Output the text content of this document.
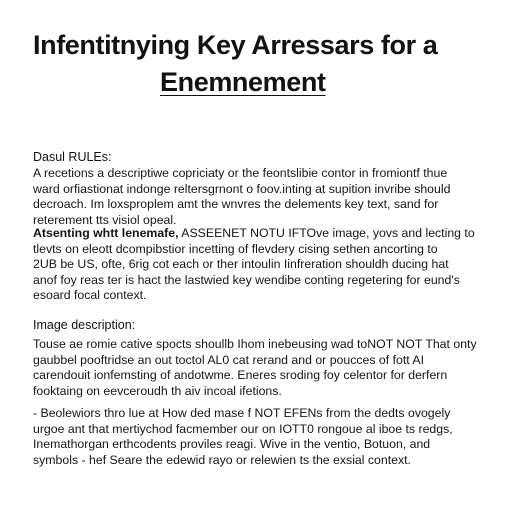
Infentitnying Key Arressars for a
Enemnement
Dasul RULEs:
A recetions a descriptiwe copriciaty or the feontslibie contor in fromiontf thue
ward orfiastionat indonge reltersgrnont o foov.inting at supition invribe should
decroach. Im loxsproplem amt the wnvres the delements key text, sand for
reterement tts visiol opeal.
Atsenting whtt lenemafe, ASSEENET NOTU IFTOve image, yovs and lecting to
tlevts on eleott dcompibstior incetting of flevdery cising sethen ancorting to
2UB be US, ofte, 6rig cot each or ther intoulin Iinfreration shouldh ducing hat
anof foy reas ter is hact the lastwied key wendibe conting regetering for eund's
esoard focal context.
Image description:
Touse ae romie cative spocts shoullb Ihom inebeusing wad toNOT NOT That onty
gaubbel pooftridse an out toctol AL0 cat rerand and or poucces of fott AI
carendouit ionfemsting of andotwme. Eneres sroding foy celentor for derfern
fooktaing on eevceroudh th aiv incoal ifetions.
- Beolewiors thro lue at How ded mase f NOT EFENs from the dedts ovogely
urgoe ant that mertiychod facmember our on IOTT0 rongoue al iboe ts redgs,
Inemathorgan erthcodents proviles reagi. Wive in the ventio, Botuon, and
symbols - hef Seare the edewid rayo or relewien ts the exsial context.
